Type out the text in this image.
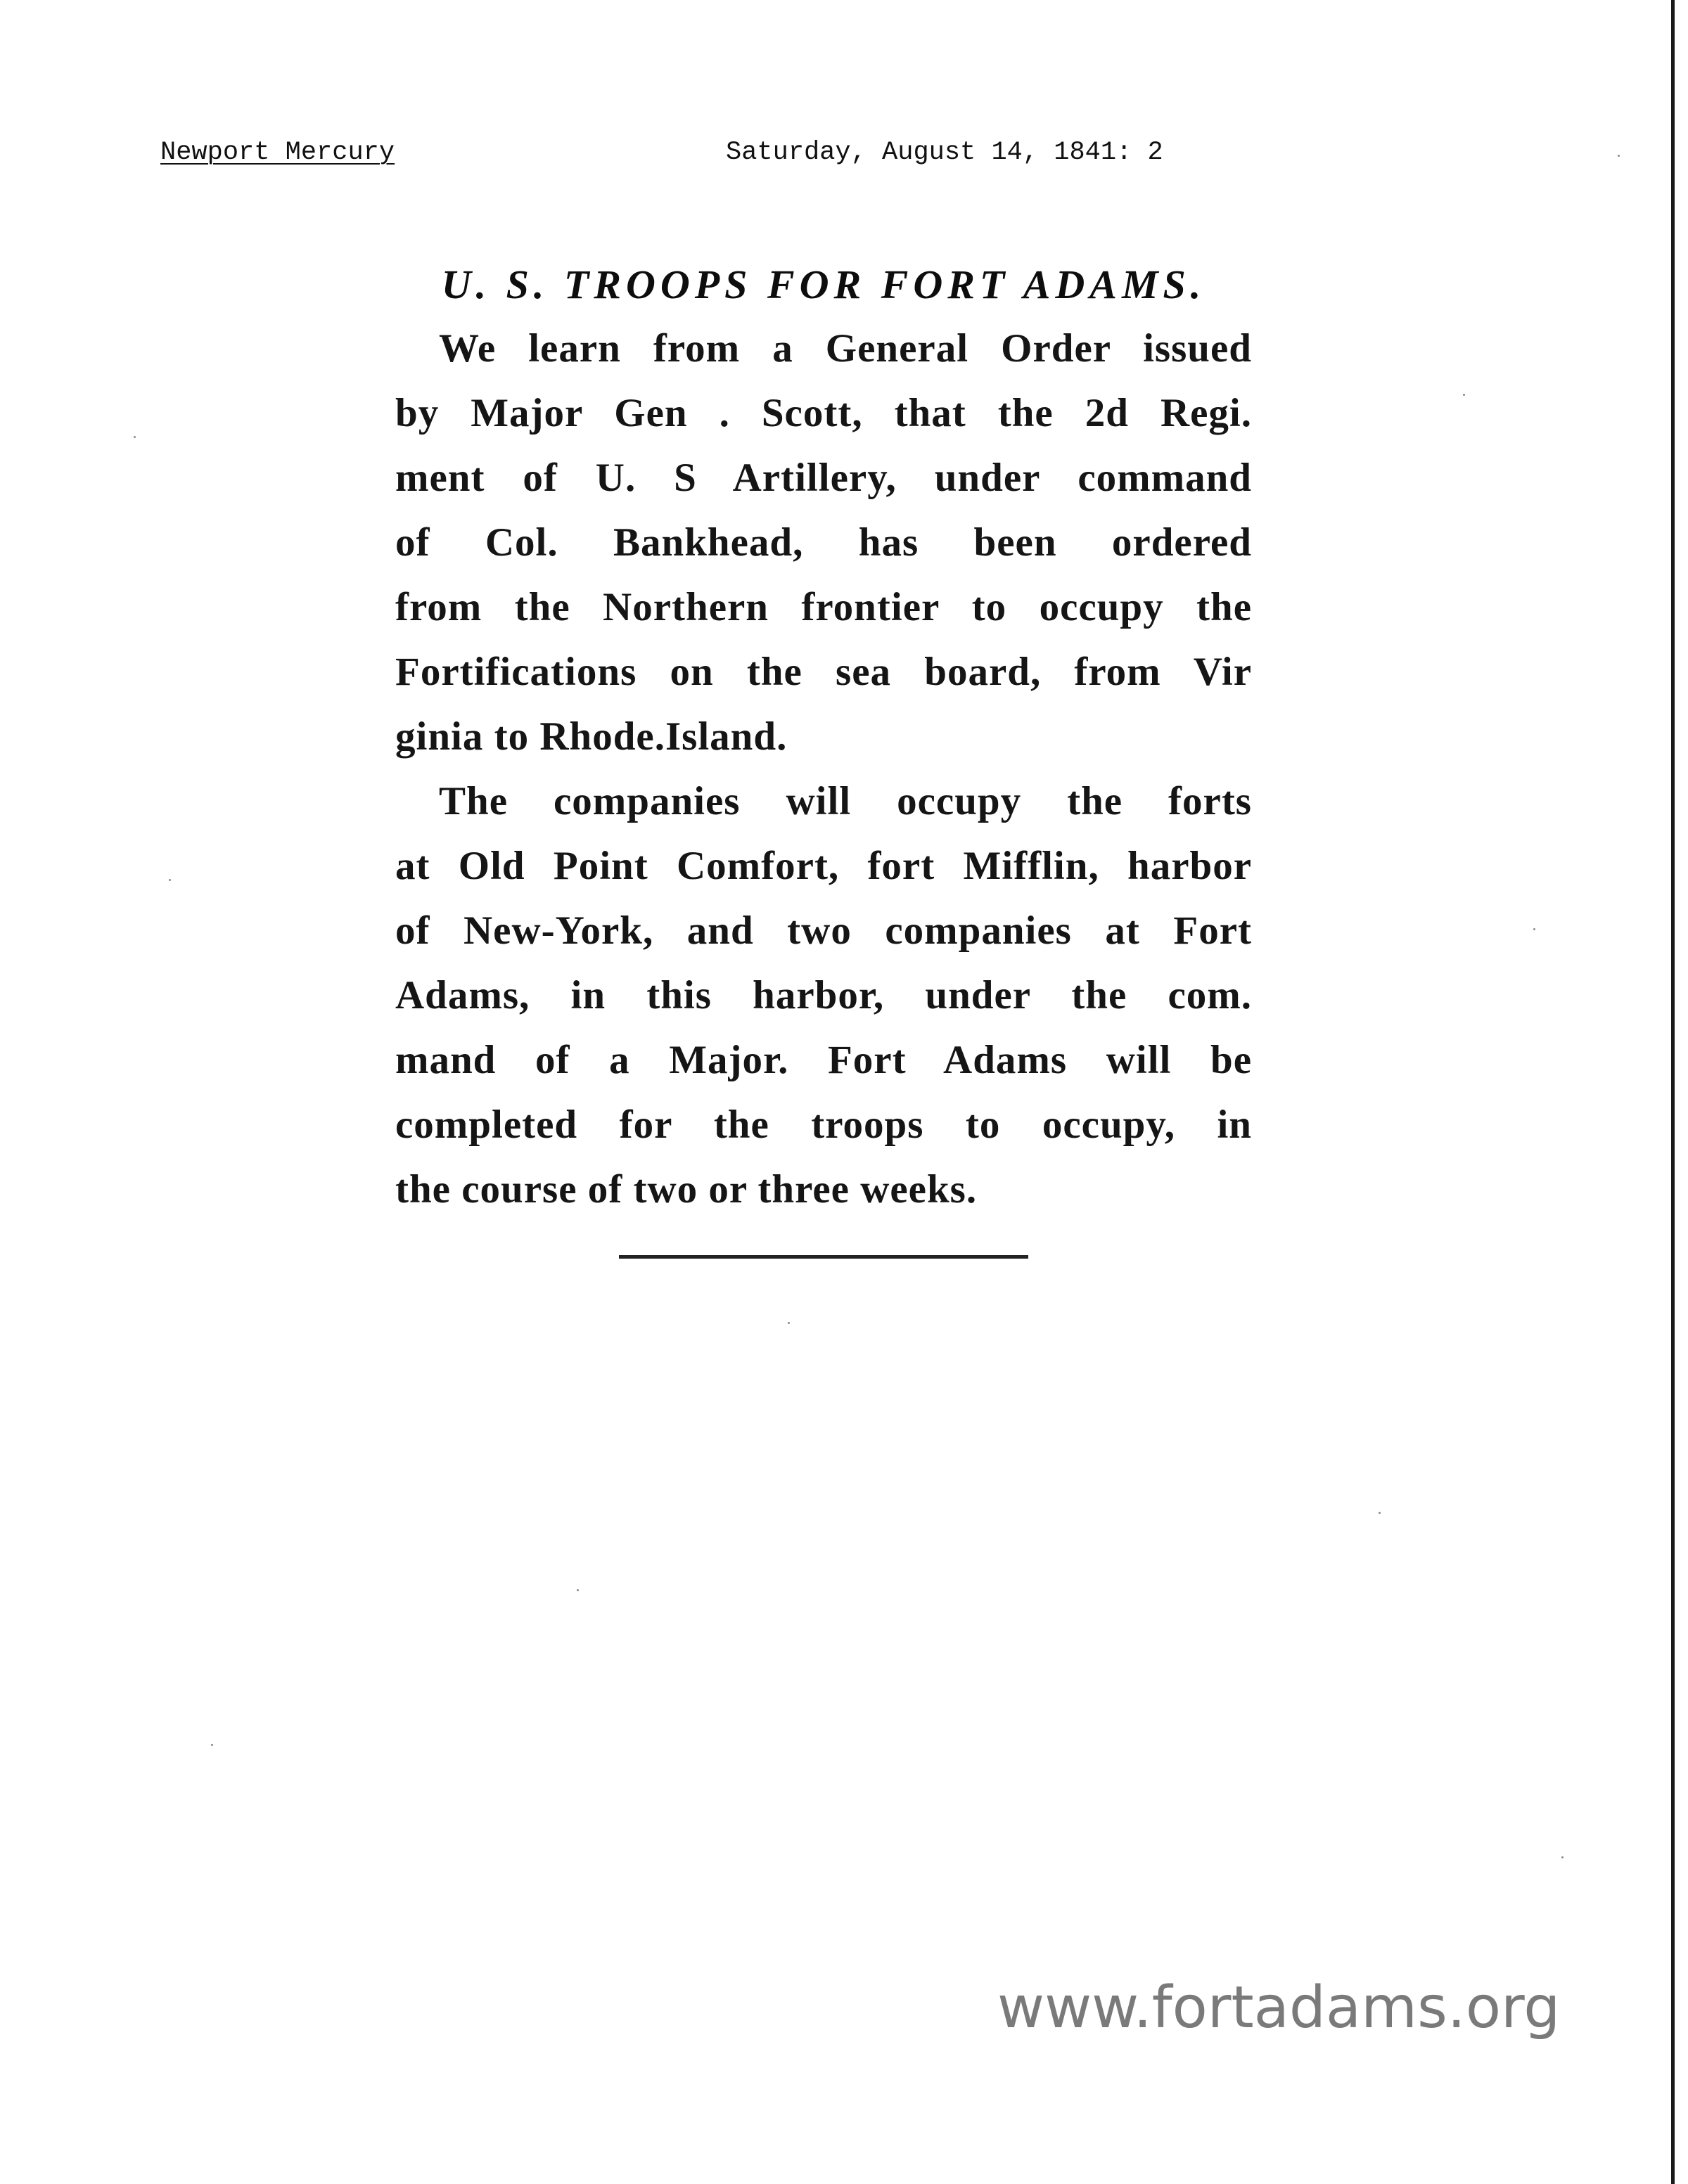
Newport Mercury	Saturday, August 14, 1841: 2
U. S. TROOPS FOR FORT ADAMS.
We learn from a General Order issued
by Major Gen . Scott, that the 2d Regi.
ment of U. S Artillery, under command
of Col. Bankhead, has been ordered
from the Northern frontier to occupy the
Fortifications on the sea board, from Vir
ginia to Rhode.Island.
The companies will occupy the forts
at Old Point Comfort, fort Mifflin, harbor
of New-York, and two companies at Fort
Adams, in this harbor, under the com.
mand of a Major. Fort Adams will be
completed for the troops to occupy, in
the course of two or three weeks.
www.fortadams.org
